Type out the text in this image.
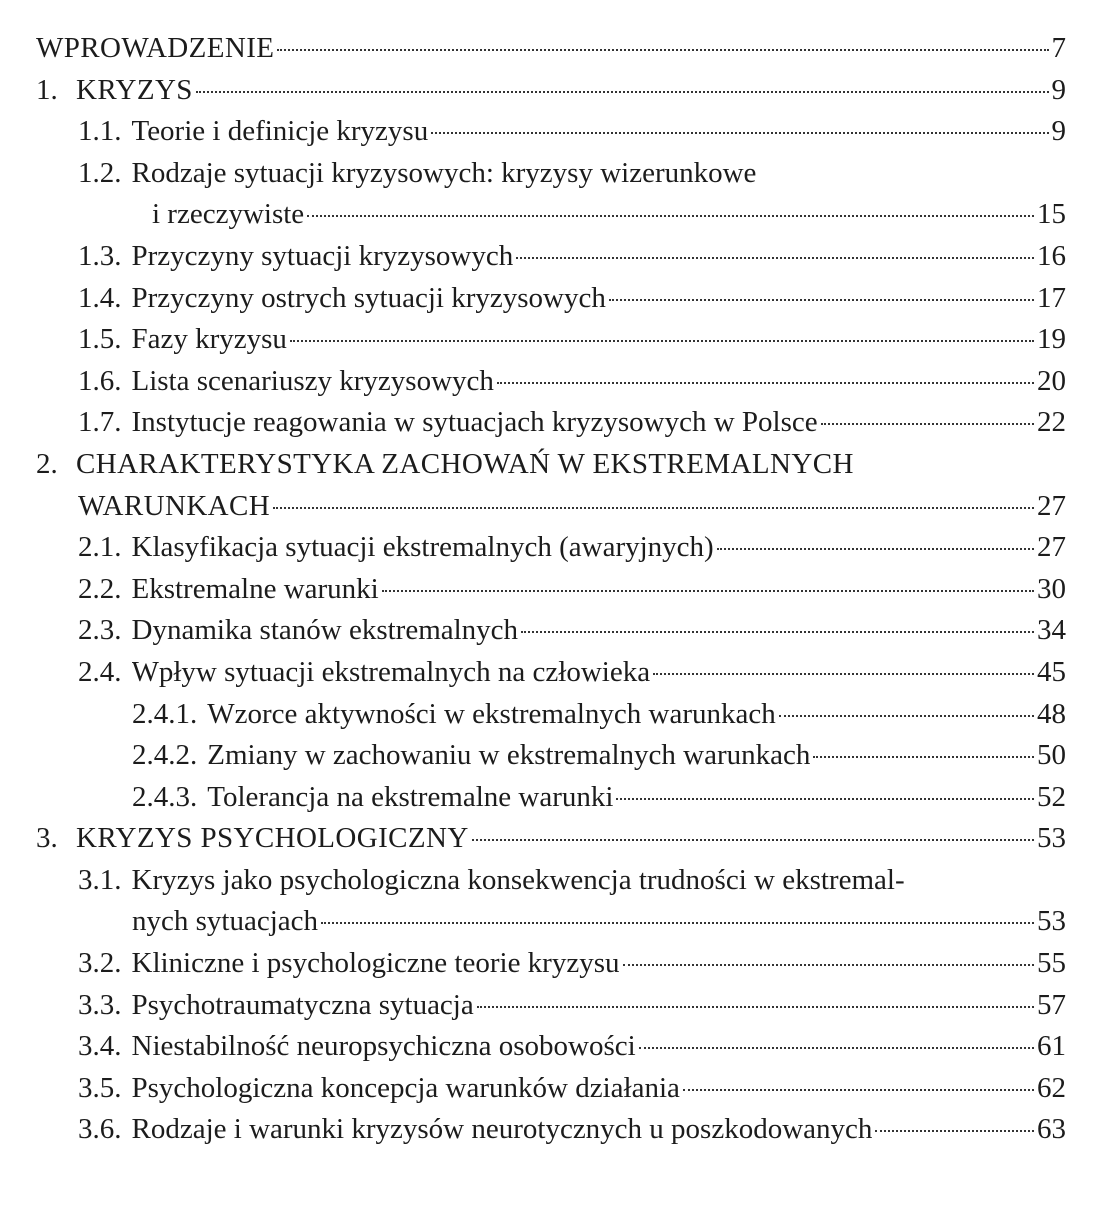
WPROWADZENIE	7
1. KRYZYS	9
1.1. Teorie i definicje kryzysu	9
1.2. Rodzaje sytuacji kryzysowych: kryzysy wizerunkowe
i rzeczywiste	15
1.3. Przyczyny sytuacji kryzysowych	16
1.4. Przyczyny ostrych sytuacji kryzysowych	17
1.5. Fazy kryzysu	19
1.6. Lista scenariuszy kryzysowych	20
1.7. Instytucje reagowania w sytuacjach kryzysowych w Polsce	22
2. CHARAKTERYSTYKA ZACHOWAŃ W EKSTREMALNYCH
WARUNKACH	27
2.1. Klasyfikacja sytuacji ekstremalnych (awaryjnych)	27
2.2. Ekstremalne warunki	30
2.3. Dynamika stanów ekstremalnych	34
2.4. Wpływ sytuacji ekstremalnych na człowieka	45
2.4.1. Wzorce aktywności w ekstremalnych warunkach	48
2.4.2. Zmiany w zachowaniu w ekstremalnych warunkach	50
2.4.3. Tolerancja na ekstremalne warunki	52
3. KRYZYS PSYCHOLOGICZNY	53
3.1. Kryzys jako psychologiczna konsekwencja trudności w ekstremal-
nych sytuacjach	53
3.2. Kliniczne i psychologiczne teorie kryzysu	55
3.3. Psychotraumatyczna sytuacja	57
3.4. Niestabilność neuropsychiczna osobowości	61
3.5. Psychologiczna koncepcja warunków działania	62
3.6. Rodzaje i warunki kryzysów neurotycznych u poszkodowanych	63
